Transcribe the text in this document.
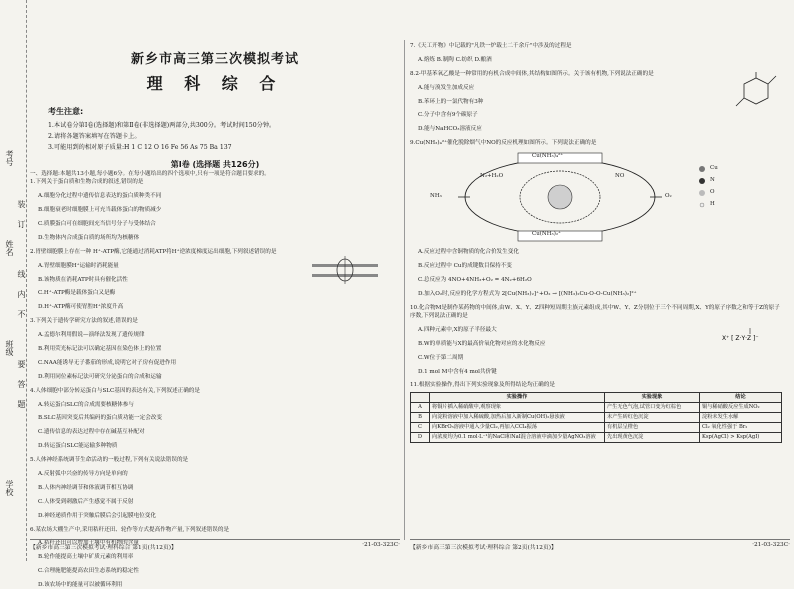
考号
姓名
班级
学校
装
订
线
内
不
要
答
题
新乡市高三第三次模拟考试
理 科 综 合
考生注意:
1.本试卷分第Ⅰ卷(选择题)和第Ⅱ卷(非选择题)两部分,共300分。考试时间150分钟。
2.请将各题答案填写在答题卡上。
3.可能用到的相对原子质量:H 1 C 12 O 16 Fe 56 As 75 Ba 137
第Ⅰ卷 (选择题 共126分)

一、选择题:本题共13小题,每小题6分。在每小题给出的四个选项中,只有一项是符合题目要求的。

1.下列关于蛋白质和生物合成的叙述,错误的是

A.细胞分化过程中遗传信息表达的蛋白质种类不同

B.细胞衰老时细胞膜上可充当载体蛋白的物质减少

C.质膜蛋白可在细胞间充当信号分子与受体结合

D.生物体内合成蛋白质的场所均为核糖体

2.胃壁细胞膜上存在一种 H⁺-ATP酶,它能通过消耗ATP将H⁺逆浓度梯度运出细胞,下列叙述错误的是

A.胃壁细胞膜H⁺运输时消耗能量

B.该物质在消耗ATP时具有催化活性

C.H⁺-ATP酶是载体蛋白又是酶

D.H⁺-ATP酶可使胃腔H⁺浓度升高

3.下列关于遗传学研究方法的叙述,错误的是

A.孟德尔利用假说—演绎法发现了遗传规律

B.利用荧光标记法可以确定基因在染色体上的位置

C.NAA能诱导无子番茄的形成,说明它对子房有促进作用

D.利用同位素标记法可研究分泌蛋白的合成和运输

4.人体细胞中部分转运蛋白与SLC基因的表达有关,下列叙述正确的是

A.转运蛋白SLC的合成需要核糖体参与

B.SLC基因突变后其编码的蛋白质功能一定会改变

C.遗传信息的表达过程中存在碱基互补配对

D.转运蛋白SLC能运输多种物质

5.人体神经系统调节生命活动的一般过程,下列有关说法错误的是

A.反射弧中兴奋的传导方向是单向的

B.人体内神经调节和体液调节相互协调

C.人体受到刺激后产生感觉不属于反射

D.神经递质作用于突触后膜后会引起膜电位变化

6.某农场大棚生产中,采用秸秆还田、轮作等方式提高作物产量,下列叙述错误的是

A.秸秆还田可以增加土壤中有机物的含量

B.轮作能提高土壤中矿质元素的利用率

C.合理施肥能提高农田生态系统的稳定性

D.该农场中的能量可以被循环利用

【新乡市高三第三次模拟考试·理科综合 第1页(共12页)】	·21-03-323C·

7.《天工开物》中记载的"凡铁一炉载土二千余斤"中涉及的过程是

A.熔炼 B.制陶 C.纺织 D.酿酒

8.2-甲基苯氧乙酸是一种常用的有机合成中间体,其结构如图所示。关于该有机物,下列说法正确的是

A.能与溴发生加成反应

B.苯环上的一氯代物有3种

C.分子中含有9个碳原子

D.能与NaHCO₃溶液反应

9.Cu(NH₃)₄²⁺催化脱除烟气中NO的反应机理如图所示。下列说法正确的是

Cu(NH₃)₄²⁺
Cu(NH₃)₂⁺
NH₃
N₂+H₂O	NO
O₂
Cu
N
O
H

A.反应过程中含铜物质的化合价发生变化

B.反应过程中 Cu的成键数目保持不变

C.总反应为 4NO+4NH₃+O₂ = 4N₂+6H₂O

D.加入O₂时,反应的化学方程式为 2[Cu(NH₃)₂]⁺+O₂ → [(NH₃)₂Cu-O-O-Cu(NH₃)₂]²⁺

10.化合物M是制作某药物的中间体,由W、X、Y、Z四种短周期主族元素组成,其中W、Y、Z分别位于三个不同周期,X、Y的原子序数之和等于Z的原子序数,下列说法正确的是

A.四种元素中,X的原子半径最大

B.W的单质能与X的最高价氧化物对应的水化物反应

C.W位于第二周期

D.1 mol M中含有4 mol共价键

X⁺ [ Z·Y·Z ]⁻

11.根据实验操作,得出下列实验现象及所得结论均正确的是

	实验操作	实验现象	结论
A	将铜片插入稀硝酸中,观察现象	产生无色气泡,试管口变为红棕色	铜与稀硝酸反应生成NO₂
B	向淀粉溶液中加入稀硫酸,加热后加入新制Cu(OH)₂悬浊液	未产生砖红色沉淀	淀粉未发生水解
C	向KBrO₃溶液中通入少量Cl₂,再加入CCl₄振荡	有机层呈橙色	Cl₂ 氧化性强于 Br₂
D	向浓度均为0.1 mol·L⁻¹的NaCl和NaI混合溶液中滴加少量AgNO₃溶液	先出现黄色沉淀	Ksp(AgCl) > Ksp(AgI)
【新乡市高三第三次模拟考试·理科综合 第2页(共12页)】	·21-03-323C·
